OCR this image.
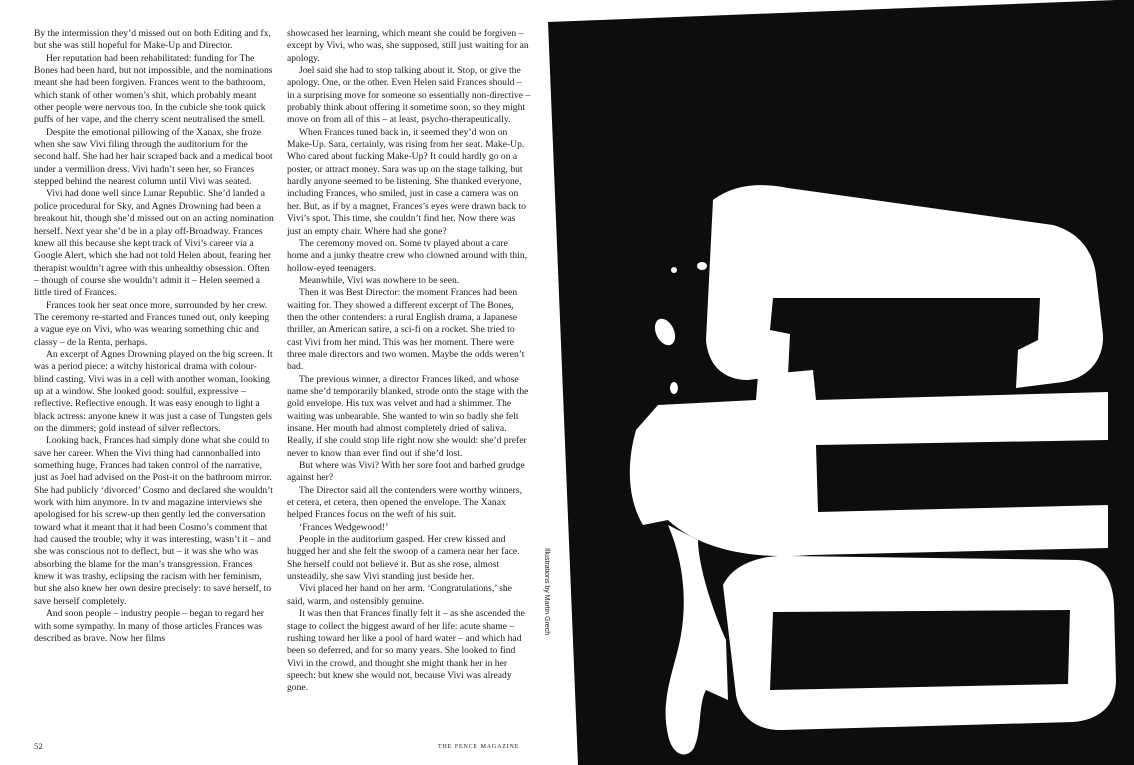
By the intermission they’d missed out on both Editing and fx, but she was still hopeful for Make-Up and Director.

Her reputation had been rehabilitated: funding for The Bones had been hard, but not impossible, and the nominations meant she had been forgiven. Frances went to the bathroom, which stank of other women’s shit, which probably meant other people were nervous too. In the cubicle she took quick puffs of her vape, and the cherry scent neutralised the smell.

Despite the emotional pillowing of the Xanax, she froze when she saw Vivi filing through the auditorium for the second half. She had her hair scraped back and a medical boot under a vermillion dress. Vivi hadn’t seen her, so Frances stepped behind the nearest column until Vivi was seated.

Vivi had done well since Lunar Republic. She’d landed a police procedural for Sky, and Agnes Drowning had been a breakout hit, though she’d missed out on an acting nomination herself. Next year she’d be in a play off-Broadway. Frances knew all this because she kept track of Vivi’s career via a Google Alert, which she had not told Helen about, fearing her therapist wouldn’t agree with this unhealthy obsession. Often – though of course she wouldn’t admit it – Helen seemed a little tired of Frances.

Frances took her seat once more, surrounded by her crew. The ceremony re-started and Frances tuned out, only keeping a vague eye on Vivi, who was wearing something chic and classy – de la Renta, perhaps.

An excerpt of Agnes Drowning played on the big screen. It was a period piece: a witchy historical drama with colour-blind casting. Vivi was in a cell with another woman, looking up at a window. She looked good: soulful, expressive – reflective. Reflective enough. It was easy enough to light a black actress: anyone knew it was just a case of Tungsten gels on the dimmers; gold instead of silver reflectors.

Looking back, Frances had simply done what she could to save her career. When the Vivi thing had cannonballed into something huge, Frances had taken control of the narrative, just as Joel had advised on the Post-it on the bathroom mirror. She had publicly ‘divorced’ Cosmo and declared she wouldn’t work with him anymore. In tv and magazine interviews she apologised for his screw-up then gently led the conversation toward what it meant that it had been Cosmo’s comment that had caused the trouble; why it was interesting, wasn’t it – and she was conscious not to deflect, but – it was she who was absorbing the blame for the man’s transgression. Frances knew it was trashy, eclipsing the racism with her feminism, but she also knew her own desire precisely: to save herself, to save herself completely.

And soon people – industry people – began to regard her with some sympathy. In many of those articles Frances was described as brave. Now her films

showcased her learning, which meant she could be forgiven – except by Vivi, who was, she supposed, still just waiting for an apology.

Joel said she had to stop talking about it. Stop, or give the apology. One, or the other. Even Helen said Frances should – in a surprising move for someone so essentially non-directive – probably think about offering it sometime soon, so they might move on from all of this – at least, psycho-therapeutically.

When Frances tuned back in, it seemed they’d won on Make-Up. Sara, certainly, was rising from her seat. Make-Up. Who cared about fucking Make-Up? It could hardly go on a poster, or attract money. Sara was up on the stage talking, but hardly anyone seemed to be listening. She thanked everyone, including Frances, who smiled, just in case a camera was on her. But, as if by a magnet, Frances’s eyes were drawn back to Vivi’s spot. This time, she couldn’t find her. Now there was just an empty chair. Where had she gone?

The ceremony moved on. Some tv played about a care home and a junky theatre crew who clowned around with thin, hollow-eyed teenagers.

Meanwhile, Vivi was nowhere to be seen.

Then it was Best Director: the moment Frances had been waiting for. They showed a different excerpt of The Bones, then the other contenders: a rural English drama, a Japanese thriller, an American satire, a sci-fi on a rocket. She tried to cast Vivi from her mind. This was her moment. There were three male directors and two women. Maybe the odds weren’t bad.

The previous winner, a director Frances liked, and whose name she’d temporarily blanked, strode onto the stage with the gold envelope. His tux was velvet and had a shimmer. The waiting was unbearable. She wanted to win so badly she felt insane. Her mouth had almost completely dried of saliva. Really, if she could stop life right now she would: she’d prefer never to know than ever find out if she’d lost.

But where was Vivi? With her sore foot and barbed grudge against her?

The Director said all the contenders were worthy winners, et cetera, et cetera, then opened the envelope. The Xanax helped Frances focus on the weft of his suit.

‘Frances Wedgewood!’

People in the auditorium gasped. Her crew kissed and hugged her and she felt the swoop of a camera near her face. She herself could not believe it. But as she rose, almost unsteadily, she saw Vivi standing just beside her.

Vivi placed her hand on her arm. ‘Congratulations,’ she said, warm, and ostensibly genuine.

It was then that Frances finally felt it – as she ascended the stage to collect the biggest award of her life: acute shame – rushing toward her like a pool of hard water – and which had been so deferred, and for so many years. She looked to find Vivi in the crowd, and thought she might thank her in her speech: but knew she would not, because Vivi was already gone.

52	the fence magazine
Illustrations by Martin Grech
